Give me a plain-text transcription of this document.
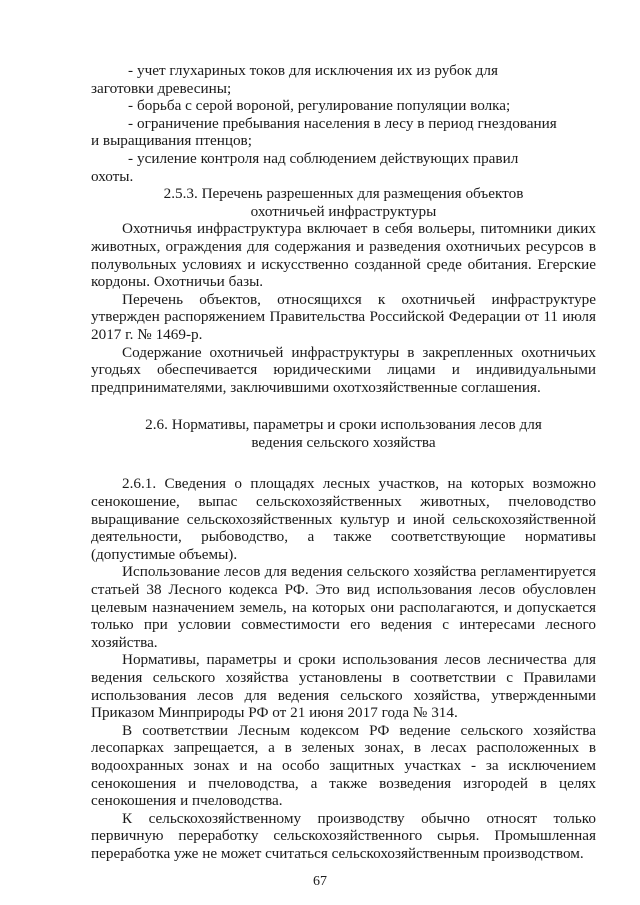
- учет глухариных токов для исключения их из рубок для

заготовки древесины;

- борьба с серой вороной, регулирование популяции волка;
- ограничение пребывания населения в лесу в период гнездования

и выращивания птенцов;

- усиление контроля над соблюдением действующих правил

охоты.

2.5.3. Перечень разрешенных для размещения объектов охотничьей инфраструктуры

Охотничья инфраструктура включает в себя вольеры, питомники диких животных, ограждения для содержания и разведения охотничьих ресурсов в полувольных условиях и искусственно созданной среде обитания. Егерские кордоны. Охотничьи базы.

Перечень объектов, относящихся к охотничьей инфраструктуре утвержден распоряжением Правительства Российской Федерации от 11 июля 2017 г. № 1469-р.

Содержание охотничьей инфраструктуры в закрепленных охотничьих угодьях обеспечивается юридическими лицами и индивидуальными предпринимателями, заключившими охотхозяйственные соглашения.

2.6. Нормативы, параметры и сроки использования лесов для ведения сельского хозяйства

2.6.1. Сведения о площадях лесных участков, на которых возможно сенокошение, выпас сельскохозяйственных животных, пчеловодство выращивание сельскохозяйственных культур и иной сельскохозяйственной деятельности, рыбоводство, а также соответствующие нормативы (допустимые объемы).

Использование лесов для ведения сельского хозяйства регламентируется статьей 38 Лесного кодекса РФ. Это вид использования лесов обусловлен целевым назначением земель, на которых они располагаются, и допускается только при условии совместимости его ведения с интересами лесного хозяйства.

Нормативы, параметры и сроки использования лесов лесничества для ведения сельского хозяйства установлены в соответствии с Правилами использования лесов для ведения сельского хозяйства, утвержденными Приказом Минприроды РФ от 21 июня 2017 года № 314.

В соответствии Лесным кодексом РФ ведение сельского хозяйства лесопарках запрещается, а в зеленых зонах, в лесах расположенных в водоохранных зонах и на особо защитных участках - за исключением сенокошения и пчеловодства, а также возведения изгородей в целях сенокошения и пчеловодства.

К сельскохозяйственному производству обычно относят только первичную переработку сельскохозяйственного сырья. Промышленная переработка уже не может считаться сельскохозяйственным производством.

67
